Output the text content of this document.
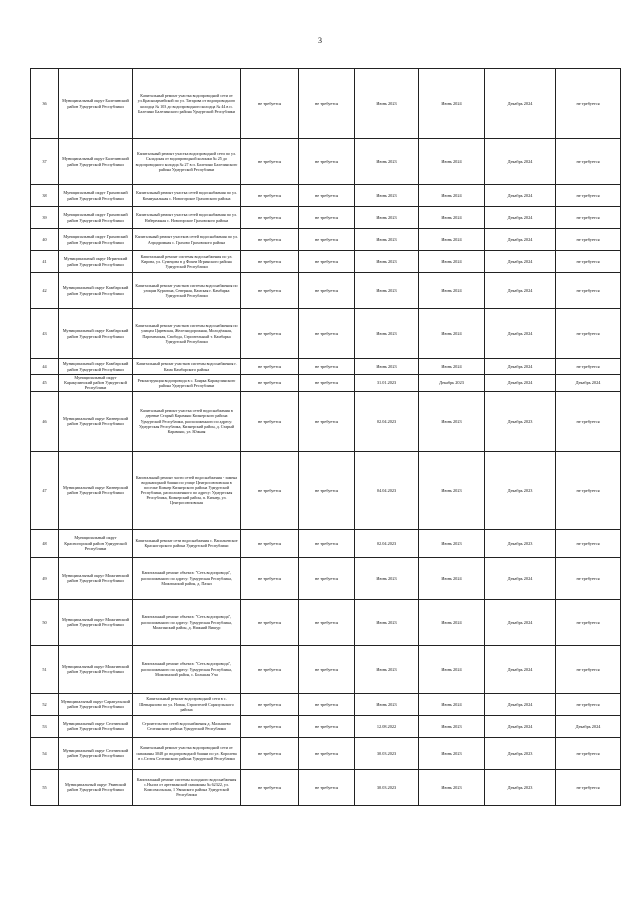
3
36	Муниципальный округ Балезинский район Удмуртской Республики	Капитальный ремонт участка водопроводной сети от ул.Красноармейской по ул. Татарова от водопроводного колодца № 103 до водопроводного колодца № 44 в п. Балезино Балезинского района Удмуртской Республики	не требуется	не требуется	Июнь 2023	Июнь 2024	Декабрь 2024	не требуется
37	Муниципальный округ Балезинский район Удмуртской Республики	Капитальный ремонт участка водопроводной сети по ул. Складская от водопроводной колонки № 25 до водопроводного колодца № 27 в п. Балезино Балезинского района Удмуртской Республики	не требуется	не требуется	Июнь 2023	Июнь 2024	Декабрь 2024	не требуется
38	Муниципальный округ Граховский район Удмуртской Республики	Капитальный ремонт участка сетей водоснабжения по ул. Коммунальная с. Новогорское Граховского района	не требуется	не требуется	Июнь 2023	Июнь 2024	Декабрь 2024	не требуется
39	Муниципальный округ Граховский район Удмуртской Республики	Капитальный ремонт участка сетей водоснабжения по ул. Набережная с. Новогорское Граховского района	не требуется	не требуется	Июнь 2023	Июнь 2024	Декабрь 2024	не требуется
40	Муниципальный округ Граховский район Удмуртской Республики	Капитальный ремонт участков сетей водоснабжения по ул. Аэродромная с. Грахово Граховского района	не требуется	не требуется	Июнь 2023	Июнь 2024	Декабрь 2024	не требуется
41	Муниципальный округ Игринский район Удмуртской Республики	Капитальный ремонт системы водоснабжения по ул. Кирова, ул. Сумецова в д Фокеи Игринского района Удмуртской Республики	не требуется	не требуется	Июнь 2023	Июнь 2024	Декабрь 2024	не требуется
42	Муниципальный округ Камбарский район Удмуртской Республики	Капитальный ремонт участков системы водоснабжения по улицам Курагина, Северная, Камская г. Камбарка Удмуртской Республики	не требуется	не требуется	Июнь 2023	Июнь 2024	Декабрь 2024	не требуется
43	Муниципальный округ Камбарский район Удмуртской Республики	Капитальный ремонт участков системы водоснабжения по улицам Царевская, Железнодорожная, Молодёжная, Пароменская, Свобода, Строительный т. Камбарка Удмуртской Республики	не требуется	не требуется	Июнь 2023	Июнь 2024	Декабрь 2024	не требуется
44	Муниципальный округ Камбарский район Удмуртской Республики	Капитальный ремонт участков системы водоснабжения г. Кама Камбарского района	не требуется	не требуется	Июнь 2023	Июнь 2024	Декабрь 2024	не требуется
45	Муниципальный округ Каракулинский район Удмуртской Республики	Реконструкция водопровода в с. Боярка Каракулинского района Удмуртской Республики	не требуется	не требуется	31.01.2023	Декабрь 2023	Декабрь 2024	Декабрь 2024
46	Муниципальный округ Кизнерский район Удмуртской Республики	Капитальный ремонт участка сетей водоснабжения в деревне Старый Карамыш Кизнерского района Удмуртской Республики, расположенного по адресу: Удмуртская Республика, Кизнерский район, д. Старый Карамыш, ул. Южная	не требуется	не требуется	02.04.2023	Июнь 2023	Декабрь 2023	не требуется
47	Муниципальный округ Кизнерский район Удмуртской Республики	Капитальный ремонт части сетей водоснабжения - замена водонапорной башни по улице Центросоюзовская в поселке Кизнер Кизнерского района Удмуртской Республики, расположенного по адресу: Удмуртская Республика, Кизнерский район, п. Кизнер, ул. Центросоюзовская	не требуется	не требуется	04.04.2023	Июнь 2023	Декабрь 2023	не требуется
48	Муниципальный округ Красногорский район Удмуртской Республики	Капитальный ремонт сети водоснабжения с. Васильевское Красногорского района Удмуртской Республики	не требуется	не требуется	02.04.2023	Июнь 2023	Декабрь 2023	не требуется
49	Муниципальный округ Можгинский район Удмуртской Республики	Капитальный ремонт объекта: "Сеть водопровода", расположенного по адресу: Удмуртская Республика, Можгинский район, д. Пазял	не требуется	не требуется	Июнь 2023	Июнь 2024	Декабрь 2024	не требуется
50	Муниципальный округ Можгинский район Удмуртской Республики	Капитальный ремонт объекта: "Сеть водопровода", расположенного по адресу: Удмуртская Республика, Можгинский район, д. Нижний Вишур	не требуется	не требуется	Июнь 2023	Июнь 2024	Декабрь 2024	не требуется
51	Муниципальный округ Можгинский район Удмуртской Республики	Капитальный ремонт объекта: "Сеть водопровода", расположенного по адресу: Удмуртская Республика, Можгинский район, с. Большая Уча	не требуется	не требуется	Июнь 2023	Июнь 2024	Декабрь 2024	не требуется
52	Муниципальный округ Сарапульский район Удмуртской Республики	Капитальный ремонт водопроводной сети в с. Шевырялово по ул. Новая, Строителей Сарапульского района	не требуется	не требуется	Июнь 2023	Июнь 2024	Декабрь 2024	не требуется
53	Муниципальный округ Селтинский район Удмуртской Республики	Строительство сетей водоснабжения д. Малышево Селтинского района Удмуртской Республики	не требуется	не требуется	12.08.2022	Июнь 2023	Декабрь 2024	Декабрь 2024
54	Муниципальный округ Селтинский район Удмуртской Республики	Капитальный ремонт участка водопроводной сети от скважины 3048 до водопроводной башни по ул. Королева в с.Селты Селтинского района Удмуртской Республики	не требуется	не требуется	30.03.2023	Июнь 2023	Декабрь 2023	не требуется
55	Муниципальный округ Увинский район Удмуртской Республики	Капитальный ремонт системы холодного водоснабжения с.Нылга от артезианской скважины № 62322, ул. Комсомольская, 1 Увинского района Удмуртской Республики	не требуется	не требуется	30.03.2023	Июнь 2023	Декабрь 2023	не требуется
